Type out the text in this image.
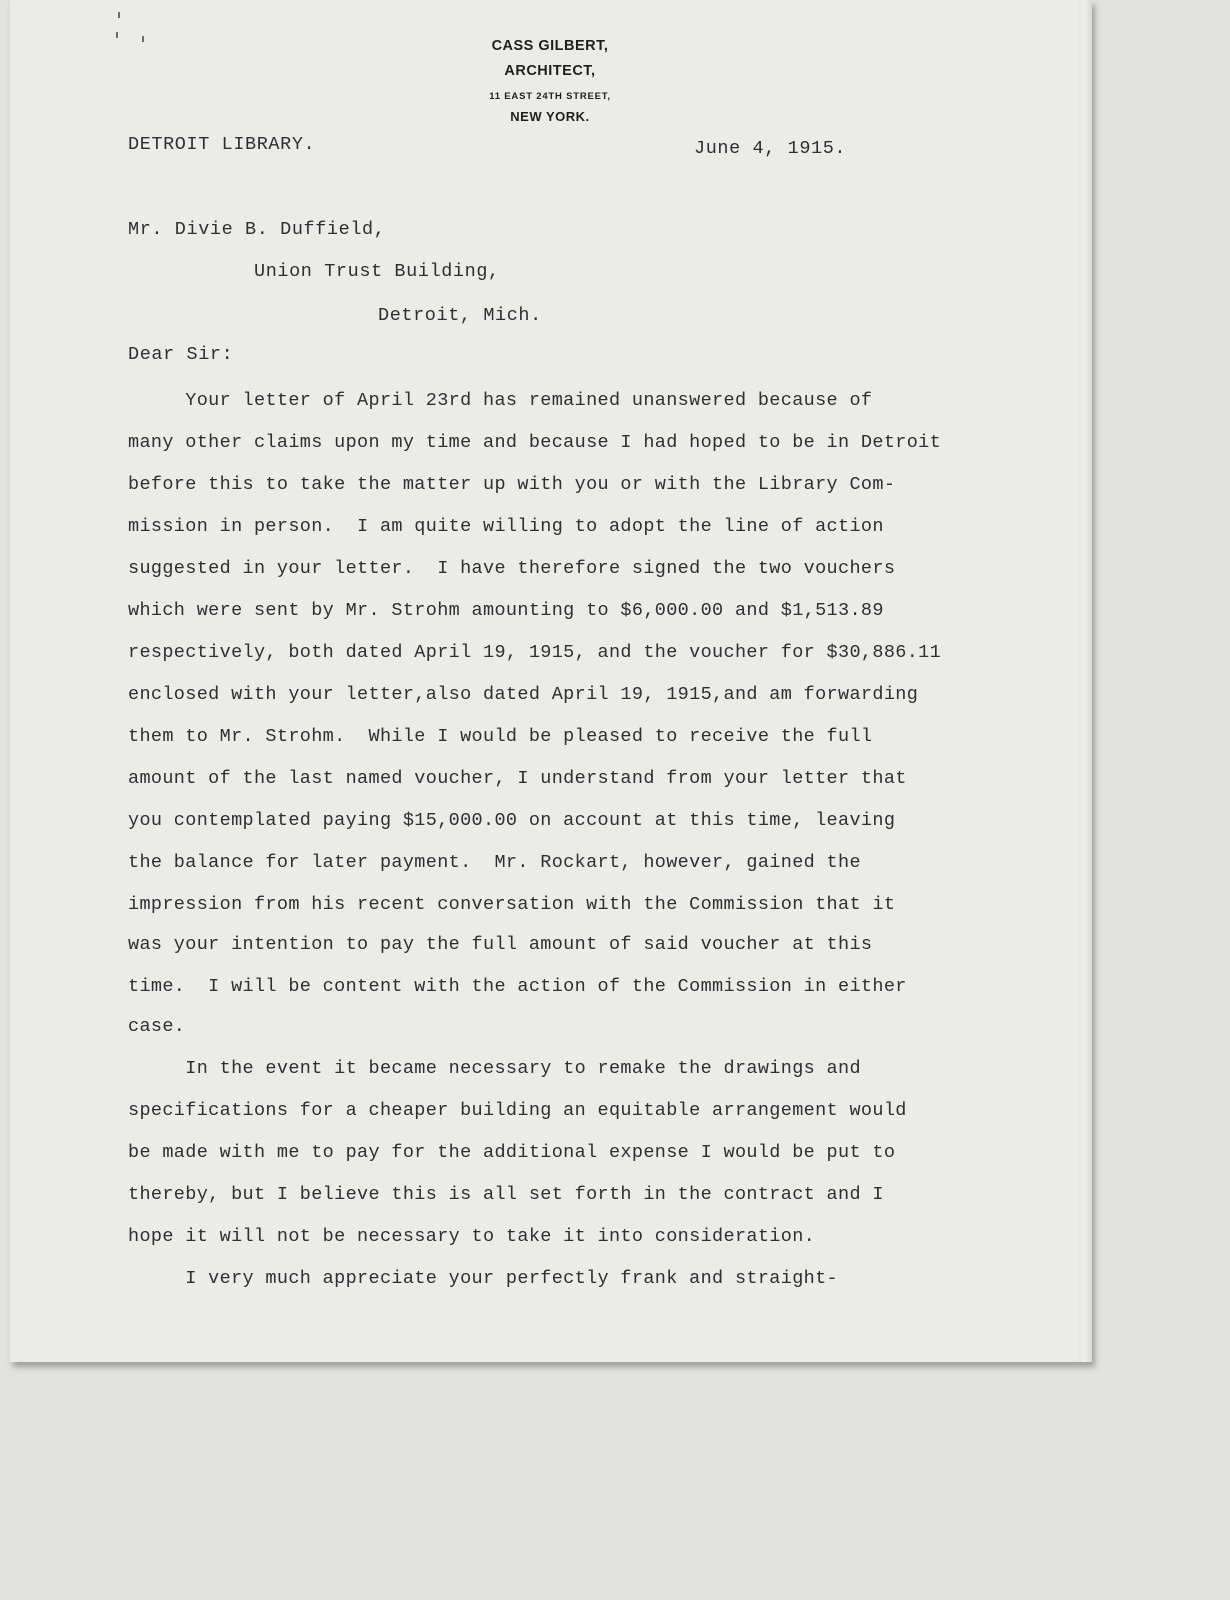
CASS GILBERT,
ARCHITECT,
11 EAST 24TH STREET,
NEW YORK.
DETROIT LIBRARY.	June 4, 1915.
Mr. Divie B. Duffield,
Union Trust Building,
Detroit, Mich.
Dear Sir:
Your letter of April 23rd has remained unanswered because of
many other claims upon my time and because I had hoped to be in Detroit
before this to take the matter up with you or with the Library Com-
mission in person.  I am quite willing to adopt the line of action
suggested in your letter.  I have therefore signed the two vouchers
which were sent by Mr. Strohm amounting to $6,000.00 and $1,513.89
respectively, both dated April 19, 1915, and the voucher for $30,886.11
enclosed with your letter,also dated April 19, 1915,and am forwarding
them to Mr. Strohm.  While I would be pleased to receive the full
amount of the last named voucher, I understand from your letter that
you contemplated paying $15,000.00 on account at this time, leaving
the balance for later payment.  Mr. Rockart, however, gained the
impression from his recent conversation with the Commission that it
was your intention to pay the full amount of said voucher at this
time.  I will be content with the action of the Commission in either
case.
In the event it became necessary to remake the drawings and
specifications for a cheaper building an equitable arrangement would
be made with me to pay for the additional expense I would be put to
thereby, but I believe this is all set forth in the contract and I
hope it will not be necessary to take it into consideration.
I very much appreciate your perfectly frank and straight-
